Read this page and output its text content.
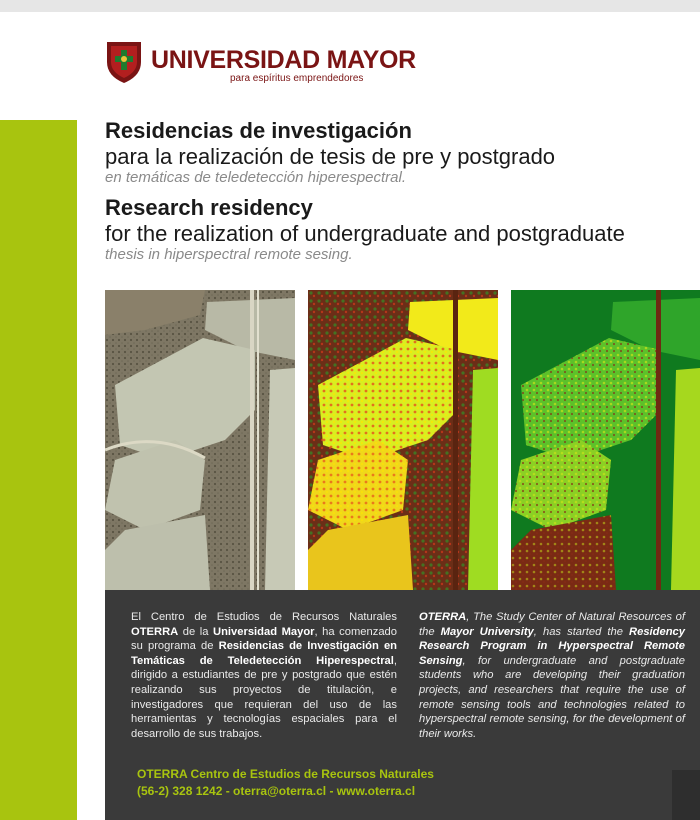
UNIVERSIDAD MAYOR
para espíritus emprendedores
Residencias de investigación
para la realización de tesis de pre y postgrado
en temáticas de teledetección hiperespectral.
Research residency
for the realization of undergraduate and postgraduate
thesis in hiperspectral remote sesing.
El Centro de Estudios de Recursos Naturales OTERRA de la Universidad Mayor, ha comenzado su programa de Residencias de Investigación en Temáticas de Teledetección Hiperespectral, dirigido a estudiantes de pre y postgrado que estén realizando sus proyectos de titulación, e investigadores que requieran del uso de las herramientas y tecnologías espaciales para el desarrollo de sus trabajos.
OTERRA, The Study Center of Natural Resources of the Mayor University, has started the Residency Research Program in Hyperspectral Remote Sensing, for undergraduate and postgraduate students who are developing their graduation projects, and researchers that require the use of remote sensing tools and technologies related to hyperspectral remote sensing, for the development of their works.
OTERRA Centro de Estudios de Recursos Naturales
(56-2) 328 1242 - oterra@oterra.cl - www.oterra.cl
